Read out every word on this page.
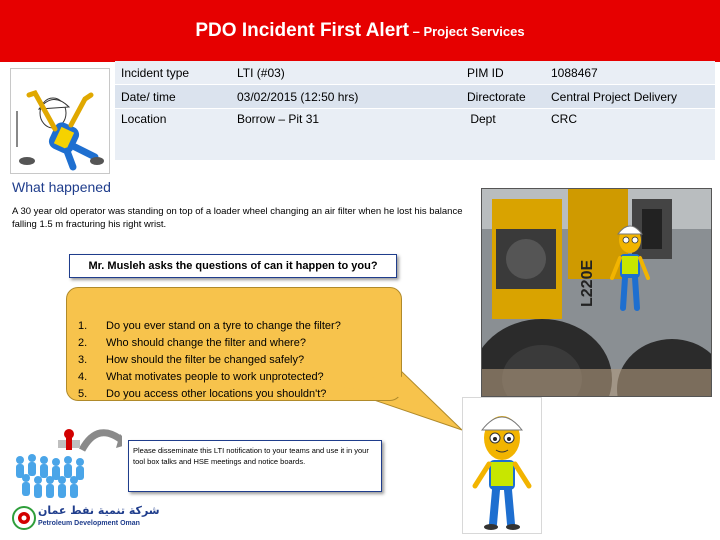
PDO Incident First Alert – Project Services
Incident type	LTI (#03)	PIM ID	1088467
Date/ time	03/02/2015 (12:50 hrs)	Directorate	Central Project Delivery
Location	Borrow – Pit 31	Dept	CRC
What happened
A 30 year old operator was standing on top of a loader wheel changing an air filter when he lost his balance falling 1.5 m fracturing his right wrist.
Mr. Musleh asks the questions of can it happen to you?
1.	Do you ever stand on a tyre to change the filter?
2.	Who should change the filter and where?
3.	How should the filter be changed safely?
4.	What motivates people to work unprotected?
5.	Do you access other locations you shouldn't?
L220E
Please disseminate this LTI notification to your teams and use it in your tool box talks and HSE meetings and notice boards.
شركة تنمية نفط عمان
Petroleum Development Oman
